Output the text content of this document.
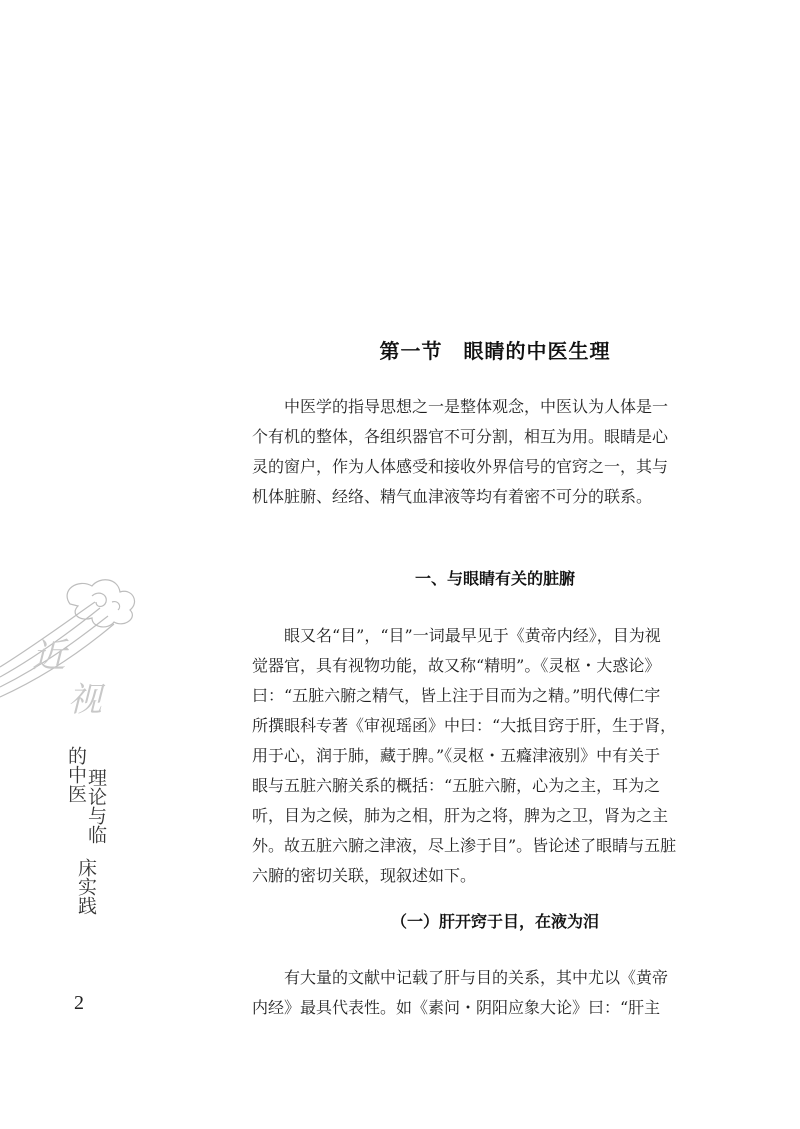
第一节　眼睛的中医生理

中医学的指导思想之一是整体观念，中医认为人体是一
个有机的整体，各组织器官不可分割，相互为用。眼睛是心
灵的窗户，作为人体感受和接收外界信号的官窍之一，其与
机体脏腑、经络、精气血津液等均有着密不可分的联系。

一、与眼睛有关的脏腑

眼又名“目”，“目”一词最早见于《黄帝内经》，目为视
觉器官，具有视物功能，故又称“精明”。《灵枢・大惑论》
曰：“五脏六腑之精气，皆上注于目而为之精。”明代傅仁宇
所撰眼科专著《审视瑶函》中曰：“大抵目窍于肝，生于肾，
用于心，润于肺，藏于脾。”《灵枢・五癃津液别》中有关于
眼与五脏六腑关系的概括：“五脏六腑，心为之主，耳为之
听，目为之候，肺为之相，肝为之将，脾为之卫，肾为之主
外。故五脏六腑之津液，尽上渗于目”。皆论述了眼睛与五脏
六腑的密切关联，现叙述如下。

（一）肝开窍于目，在液为泪

有大量的文献中记载了肝与目的关系，其中尤以《黄帝
内经》最具代表性。如《素问・阴阳应象大论》曰：“肝主

近
视
的中医
理论与临
床实践
2
